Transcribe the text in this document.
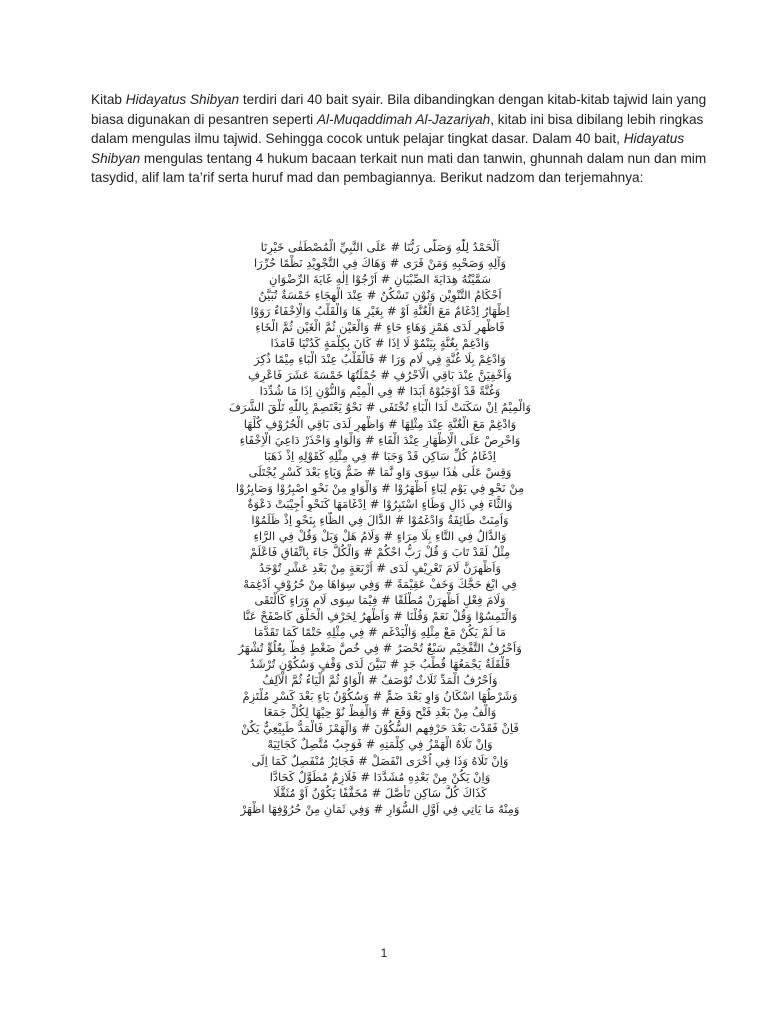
Kitab Hidayatus Shibyan terdiri dari 40 bait syair. Bila dibandingkan dengan kitab-kitab tajwid lain yang biasa digunakan di pesantren seperti Al-Muqaddimah Al-Jazariyah, kitab ini bisa dibilang lebih ringkas dalam mengulas ilmu tajwid. Sehingga cocok untuk pelajar tingkat dasar. Dalam 40 bait, Hidayatus Shibyan mengulas tentang 4 hukum bacaan terkait nun mati dan tanwin, ghunnah dalam nun dan mim tasydid, alif lam ta’rif serta huruf mad dan pembagiannya. Berikut nadzom dan terjemahnya:

اَلْحَمْدُ لِلّٰهِ وَصَلَّى رَبُّنَا # عَلَى النَّبِيِّ الْمُصْطَفٰى خَيْرِنَا
وَآلِهِ وَصَحْبِهِ وَمَنْ قَرَى # وَهَاكَ فِي التَّجْوِيْدِ نَظْمًا حُرِّرَا
سَمَّيْتُهُ هِدَايَةَ الصِّبْيَانِ # اَرْجُوْا اِلٰهِ غَايَةَ الرِّضْوَانِ
اَحْكَامُ التَّنْوِيْنِ وَنُوْنٍ تَسْكُنُ # عِنْدَ الْهِجَاءِ خَمْسَةٌ تُبَيَّنُ
اِظْهَارُ اِدْغَامٌ مَعَ الْغُنَّةِ اَوْ # بِغَيْرِ هَا وَالْقَلْبُ وَالْاِخْفَاءُ رَوَوْا
فَاظْهِرِ لَدَى هَمْزٍ وَهَاءٍ حَاءٍ # وَالْعَيْنِ ثُمَّ الْغَيْنِ ثُمَّ الْخَاءِ
وَادْغِمْ بِغُنَّةٍ بِيَنْمُوْ لَا اِذَا # كَانَ بِكِلْمَةٍ كَدُنْيَا قَامَذَا
وَادْغِمْ بِلَا غُنَّةٍ فِي لَامٍ وَرَا # فَالْقَلْبُ عِنْدَ الْبَاءِ مِيْمًا ذُكِرَ
وَاَخْفِيَنَّ عِنْدَ بَاقِي الْاَحْرُفِ # جُمْلَتُهَا خَمْسَةَ عَشَرَ فَاعْرِفِ
وَغُنَّةً قَدْ اَوْجَبُوْهُ اَبَدَا # فِي الْمِيْمِ وَالنُّوْنِ اِذَا مَا شُدِّدَا
وَالْمِيْمُ اِنْ سَكَنَتْ لَدَا الْبَاءِ تُخْتَفَى # نَحْوُ يَعْتَصِمْ بِاللّٰهِ تَلْقَ الشَّرَفَ
وَادْغِمْ مَعَ الْغُنَّةِ عِنْدَ مِثْلِهَا # وَاظْهِرِ لَدَى بَاقِي الْحُرُوْفِ كُلِّهَا
وَاحْرِصْ عَلَى الْاِظْهَارِ عِنْدَ الْفَاءِ # وَالْوَاوِ وَاحْذَرْ دَاعِيَ الْاِخْفَاءِ
اِدْغَامُ كُلِّ سَاكِنٍ قَدْ وَجَبَا # فِي مِثْلِهِ كَقَوْلِهِ اِذْ ذَهَبَا
وَقِسْ عَلَى هٰذَا سِوَى وَاوٍ نَّمَا # ضَمٌّ وَيَاءٍ بَعْدَ كَسْرٍ يُجْتَلَى
مِنْ نَحْوِ فِي يَوْمٍ لِبَاءٍ اَظْهَرُوْا # وَالْوَاوِ مِنْ نَحْوِ اصْبِرُوْا وَصَابِرُوْا
وَالثَّاءَ فِي ذَالٍ وَظَاءٍ اسْتَبِرُوْا # اِدْغَامَهَا كَنَحْوِ اُجِيْبَتْ دَعْوَةٌ
وَاَمِنَتْ طَائِفَةٌ وَادْغَمُوْا # الدَّالَ فِي الظَّاءِ بِنَحْوِ اِذْ ظَلَمُوْا
وَالدَّالُ فِي التَّاءِ بِلَا مِرَاءٍ # وَلَامُ هَلْ وَبَلْ وَقُلْ فِي الرَّاءِ
مِثْلُ لَقَدْ تَابَ وَ قُلْ رَبُّ احْكُمْ # وَالْكُلُّ جَاءَ بِاتِّفَاقٍ فَاعْلَمْ
وَاَظْهِرَنَّ لَامَ تَعْرِيْفٍ لَدَى # اَرْبَعَةٍ مِنْ بَعْدِ عَشْرٍ تُوْجَدُ
فِي ابْغِ حَجَّكَ وَخَفْ عَقِيْمَةً # وَفِي سِوَاهَا مِنْ حُرُوْفٍ اَدْغِمَهْ
وَلَامَ فِعْلٍ اَظْهِرَنْ مُطْلَقًا # فِيْمَا سِوَى لَامٍ وَرَاءٍ كَالْتَقَى
وَالْتَمِسُوْا وَقُلْ نَعَمْ وَقُلْنَا # وَاَظْهِرُ لِحَرْفِ الْحَلْقِ كَاصْفَحْ عَنَّا
مَا لَمْ يَكُنْ مَعْ مِثْلِهِ وَالْيَدْغَمِ # فِي مِثْلِهِ حَتْمًا كَمَا تَقَدَّمَا
وَاَحْرُفُ التَّفْخِيْمِ سَبْعٌ تُحْصَرُ # فِي خُصَّ ضَغْطٍ قِظْ بِعُلُوٍّ تُشْهَرُ
قَلْقَلَةٌ يَجْمَعُهَا قُطْبُ جَدٍ # تَبَيَّنَ لَدَى وَقْفٍ وَسُكُوْنٍ تُرْشَدُ
وَاَحْرُفُ الْمَدِّ ثَلَاثٌ تُوْصَفُ # الْوَاوُ ثُمَّ الْيَاءُ ثُمَّ الْاَلِفُ
وَشَرْطُهَا اسْكَانُ وَاوٍ بَعْدَ ضَمٍّ # وَسُكُوْنُ يَاءٍ بَعْدَ كَسْرٍ مُلْتَزِمْ
وَالْفُ مِنْ بَعْدِ فَتْحٍ وَقَعَ # وَالْفِظْ نُوْ حِيْهَا لِكُلٍّ جَمَعَا
فَاِنْ فَقَدْتَ بَعْدَ حَرْفِهِمِ السُّكُوْنَ # وَالْهَمْزَ فَالْمَدُّ طَبِيْعِيٌّ يَكُنْ
وَاِنْ تَلَاهُ الْهَمْزُ فِي كِلْمَتِهِ # فَوَجِبٌ مُتَّصِلٌ كَجَائِيَهْ
وَاِنْ تَلَاهُ وَذَا فِي اُخْرَى انْفَصَلْ # فَجَائِزٌ مُنْفَصِلٌ كَمَا اِلَى
وَاِنْ يَكُنْ مِنْ بَعْدِهِ مُشَدَّدَا # فَلَازِمٌ مُطَوَّلٌ كَحَادَّا
كَذَاكَ كُلُّ سَاكِنٍ تَأَصَّلَ # مُخَفَّفًا يَكُوْنُ اَوْ مُثَقَّلَا
وَمِنْهُ مَا يَاتِي فِي اَوَّلِ السُّوَارِ # وَفِي ثَمَانٍ مِنْ حُرُوْفِهَا اظْهَرْ
1
